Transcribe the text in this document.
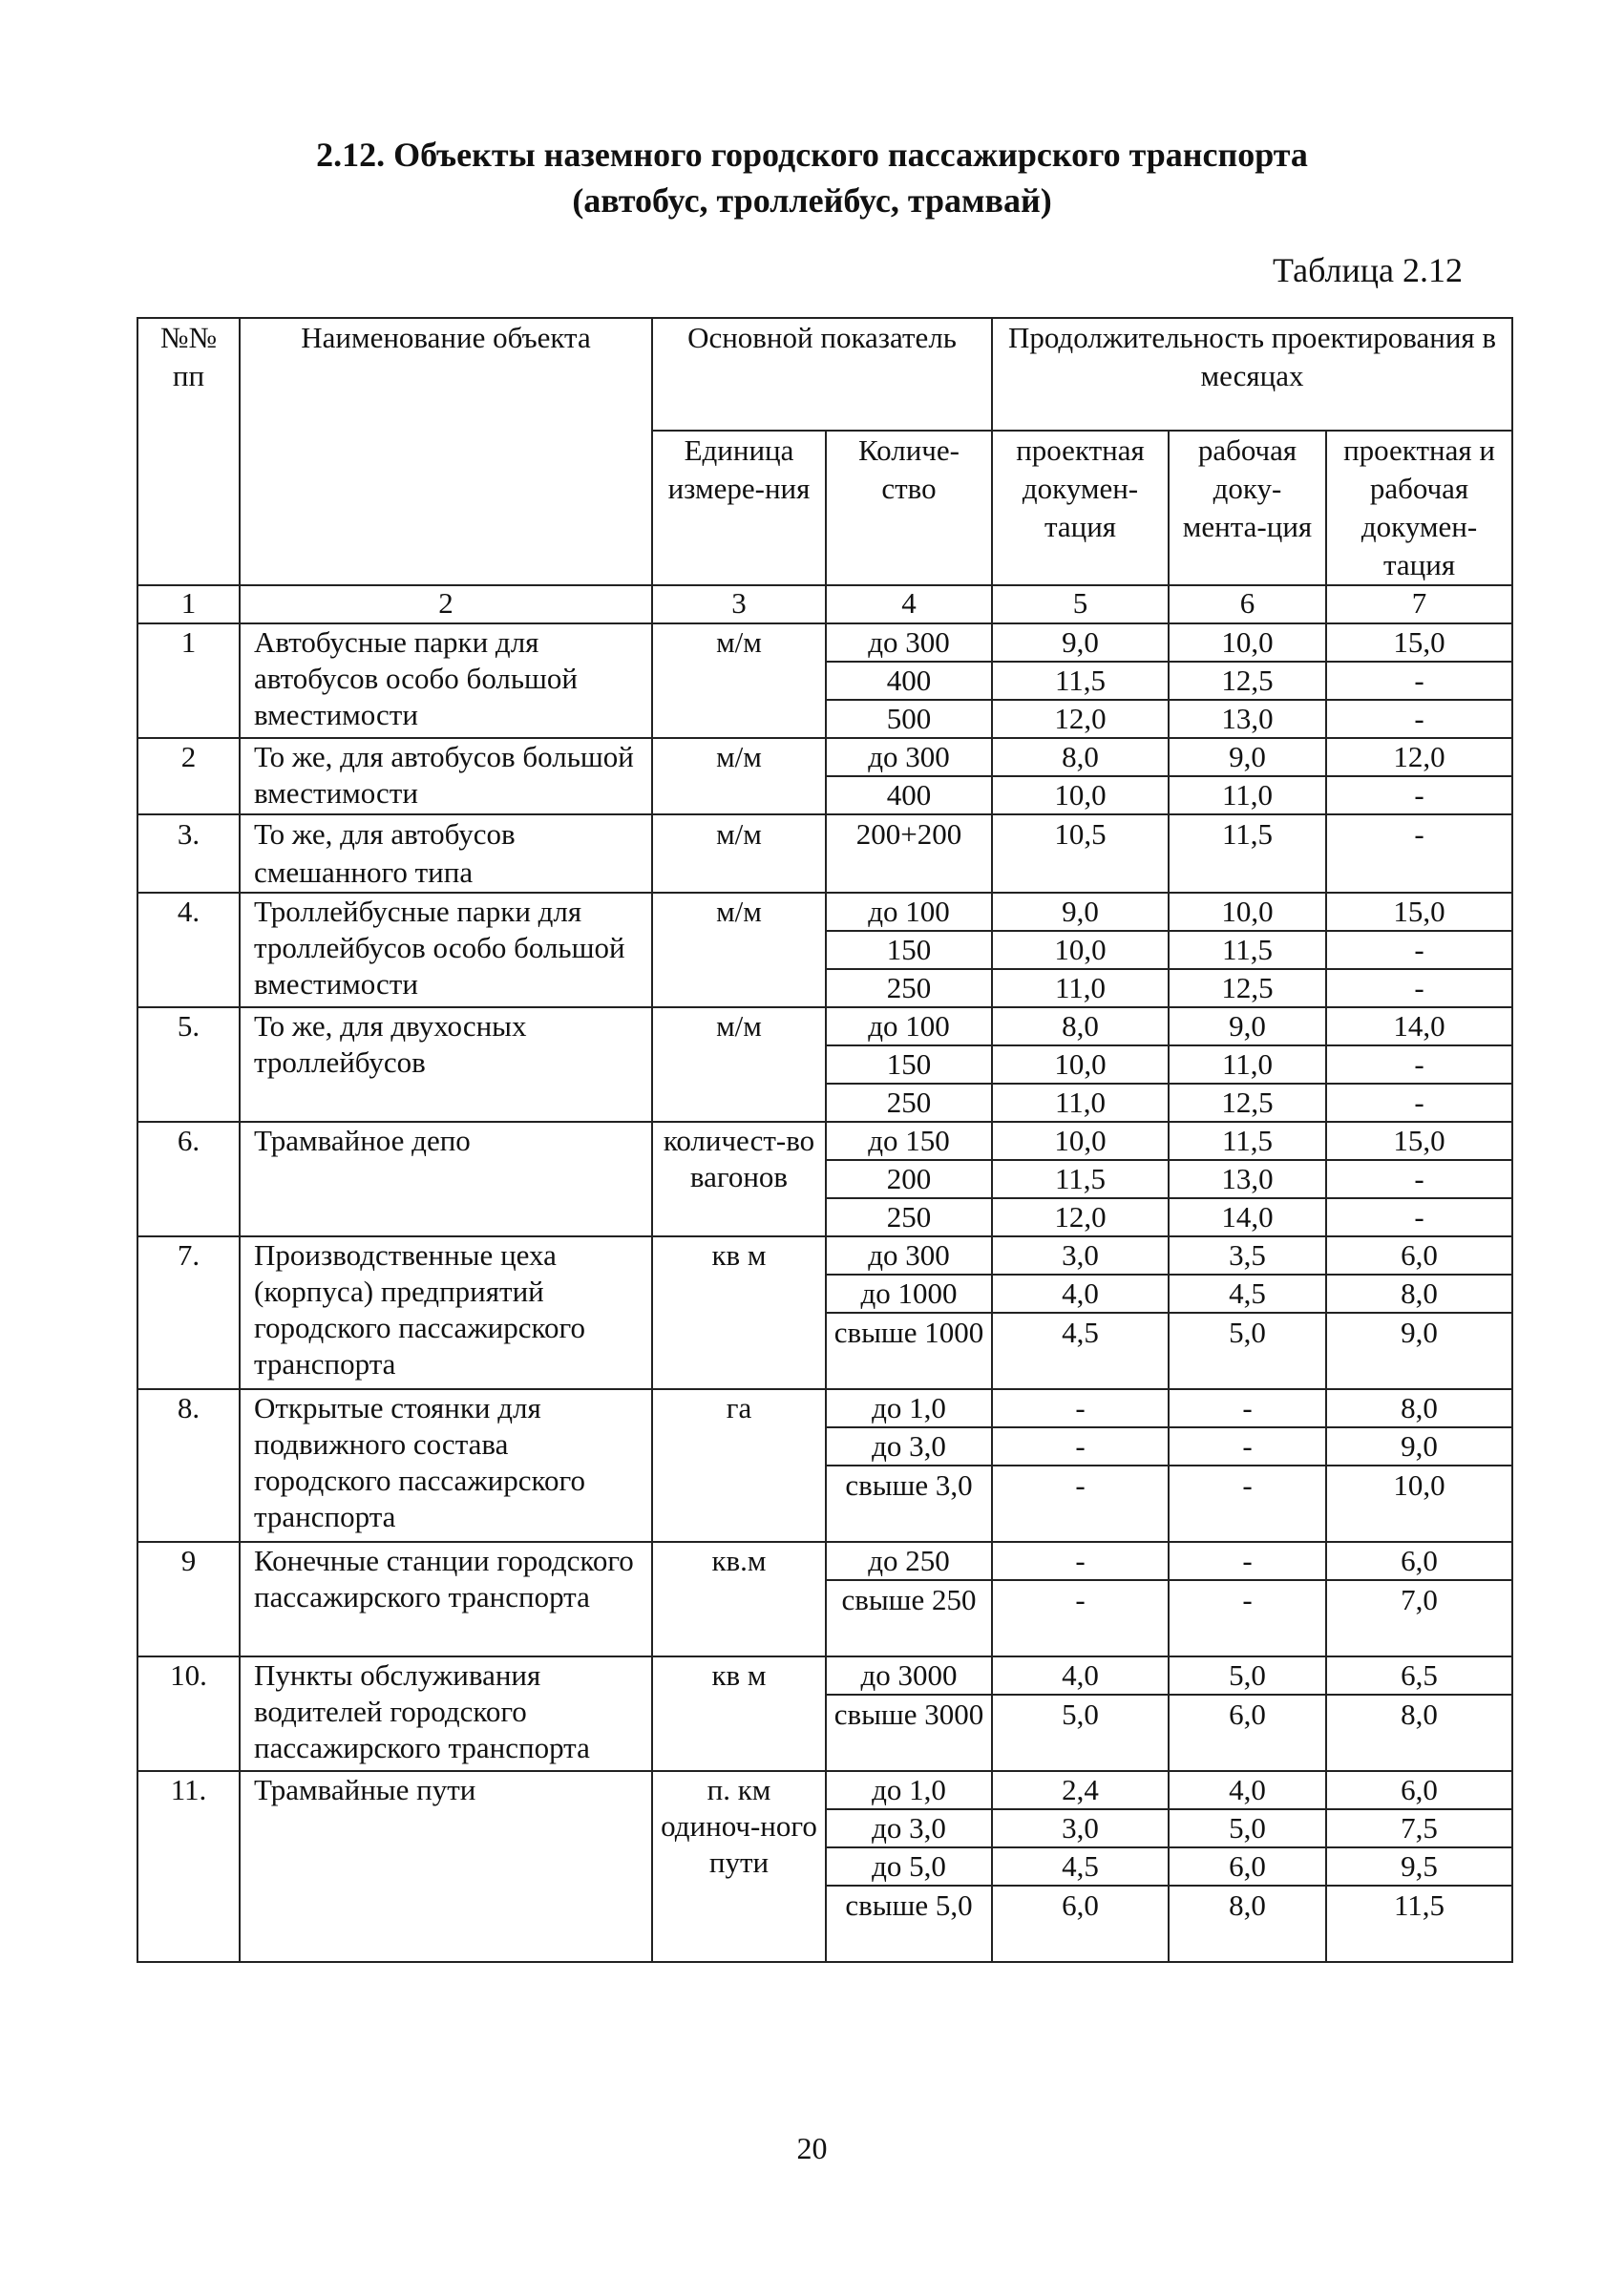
2.12. Объекты наземного городского пассажирского транспорта
(автобус, троллейбус, трамвай)
Таблица 2.12
№№ пп	Наименование объекта	Основной показатель		Продолжительность проектирования в месяцах		
		Единица измере-ния	Количе-ство	проектная докумен-тация	рабочая доку-мента-ция	проектная и рабочая докумен-тация
1	2	3	4	5	6	7
1	Автобусные парки для автобусов особо большой вместимости	м/м	до 300	9,0	10,0	15,0
			400	11,5	12,5	-
			500	12,0	13,0	-
2	То же, для автобусов большой вместимости	м/м	до 300	8,0	9,0	12,0
			400	10,0	11,0	-
3.	То же, для автобусов смешанного типа	м/м	200+200	10,5	11,5	-
4.	Троллейбусные парки для троллейбусов особо большой вместимости	м/м	до 100	9,0	10,0	15,0
			150	10,0	11,5	-
			250	11,0	12,5	-
5.	То же, для двухосных троллейбусов	м/м	до 100	8,0	9,0	14,0
			150	10,0	11,0	-
			250	11,0	12,5	-
6.	Трамвайное депо	количест-во вагонов	до 150	10,0	11,5	15,0
			200	11,5	13,0	-
			250	12,0	14,0	-
7.	Производственные цеха (корпуса) предприятий городского пассажирского транспорта	кв м	до 300	3,0	3,5	6,0
			до 1000	4,0	4,5	8,0
			свыше 1000	4,5	5,0	9,0
8.	Открытые стоянки для подвижного состава городского пассажирского транспорта	га	до 1,0	-	-	8,0
			до 3,0	-	-	9,0
			свыше 3,0	-	-	10,0
9	Конечные станции городского пассажирского транспорта	кв.м	до 250	-	-	6,0
			свыше 250	-	-	7,0
10.	Пункты обслуживания водителей городского пассажирского транспорта	кв м	до 3000	4,0	5,0	6,5
			свыше 3000	5,0	6,0	8,0
11.	Трамвайные пути	п. км одиноч-ного пути	до 1,0	2,4	4,0	6,0
			до 3,0	3,0	5,0	7,5
			до 5,0	4,5	6,0	9,5
			свыше 5,0	6,0	8,0	11,5
20
